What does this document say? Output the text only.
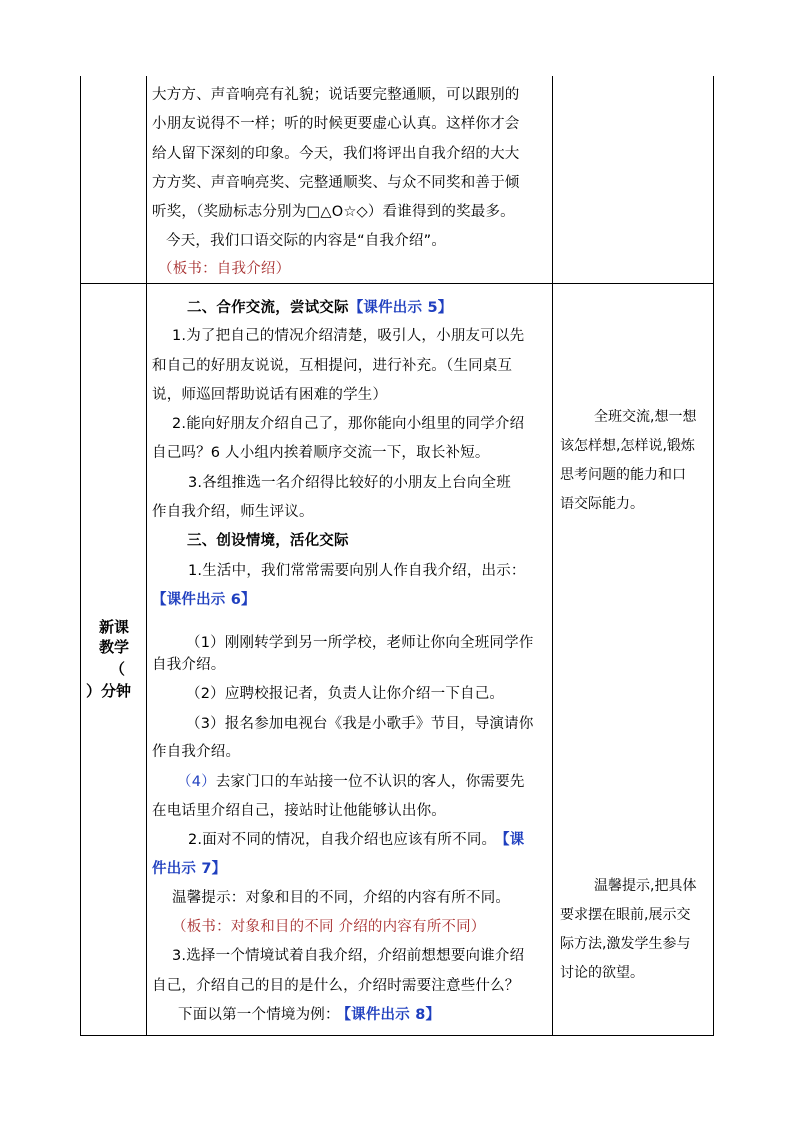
大方方、声音响亮有礼貌；说话要完整通顺，可以跟别的
小朋友说得不一样；听的时候更要虚心认真。这样你才会
给人留下深刻的印象。今天，我们将评出自我介绍的大大
方方奖、声音响亮奖、完整通顺奖、与众不同奖和善于倾
听奖，（奖励标志分别为□△O☆◇）看谁得到的奖最多。
今天，我们口语交际的内容是“自我介绍”。
（板书：自我介绍）
新课
教学
（
）分钟
二、合作交流，尝试交际【课件出示 5】
1.为了把自己的情况介绍清楚，吸引人，小朋友可以先
和自己的好朋友说说，互相提问，进行补充。（生同桌互
说，师巡回帮助说话有困难的学生）
2.能向好朋友介绍自己了，那你能向小组里的同学介绍
自己吗？6 人小组内挨着顺序交流一下，取长补短。
3.各组推选一名介绍得比较好的小朋友上台向全班
作自我介绍，师生评议。
三、创设情境，活化交际
1.生活中，我们常常需要向别人作自我介绍，出示：
【课件出示 6】
（1）刚刚转学到另一所学校，老师让你向全班同学作
自我介绍。
（2）应聘校报记者，负责人让你介绍一下自己。
（3）报名参加电视台《我是小歌手》节目，导演请你
作自我介绍。
（4）去家门口的车站接一位不认识的客人，你需要先
在电话里介绍自己，接站时让他能够认出你。
2.面对不同的情况，自我介绍也应该有所不同。 【课
件出示 7】
温馨提示：对象和目的不同，介绍的内容有所不同。
（板书：对象和目的不同 介绍的内容有所不同）
3.选择一个情境试着自我介绍，介绍前想想要向谁介绍
自己，介绍自己的目的是什么，介绍时需要注意些什么？
下面以第一个情境为例： 【课件出示 8】
全班交流,想一想
该怎样想,怎样说,锻炼
思考问题的能力和口
语交际能力。
温馨提示,把具体
要求摆在眼前,展示交
际方法,激发学生参与
讨论的欲望。
